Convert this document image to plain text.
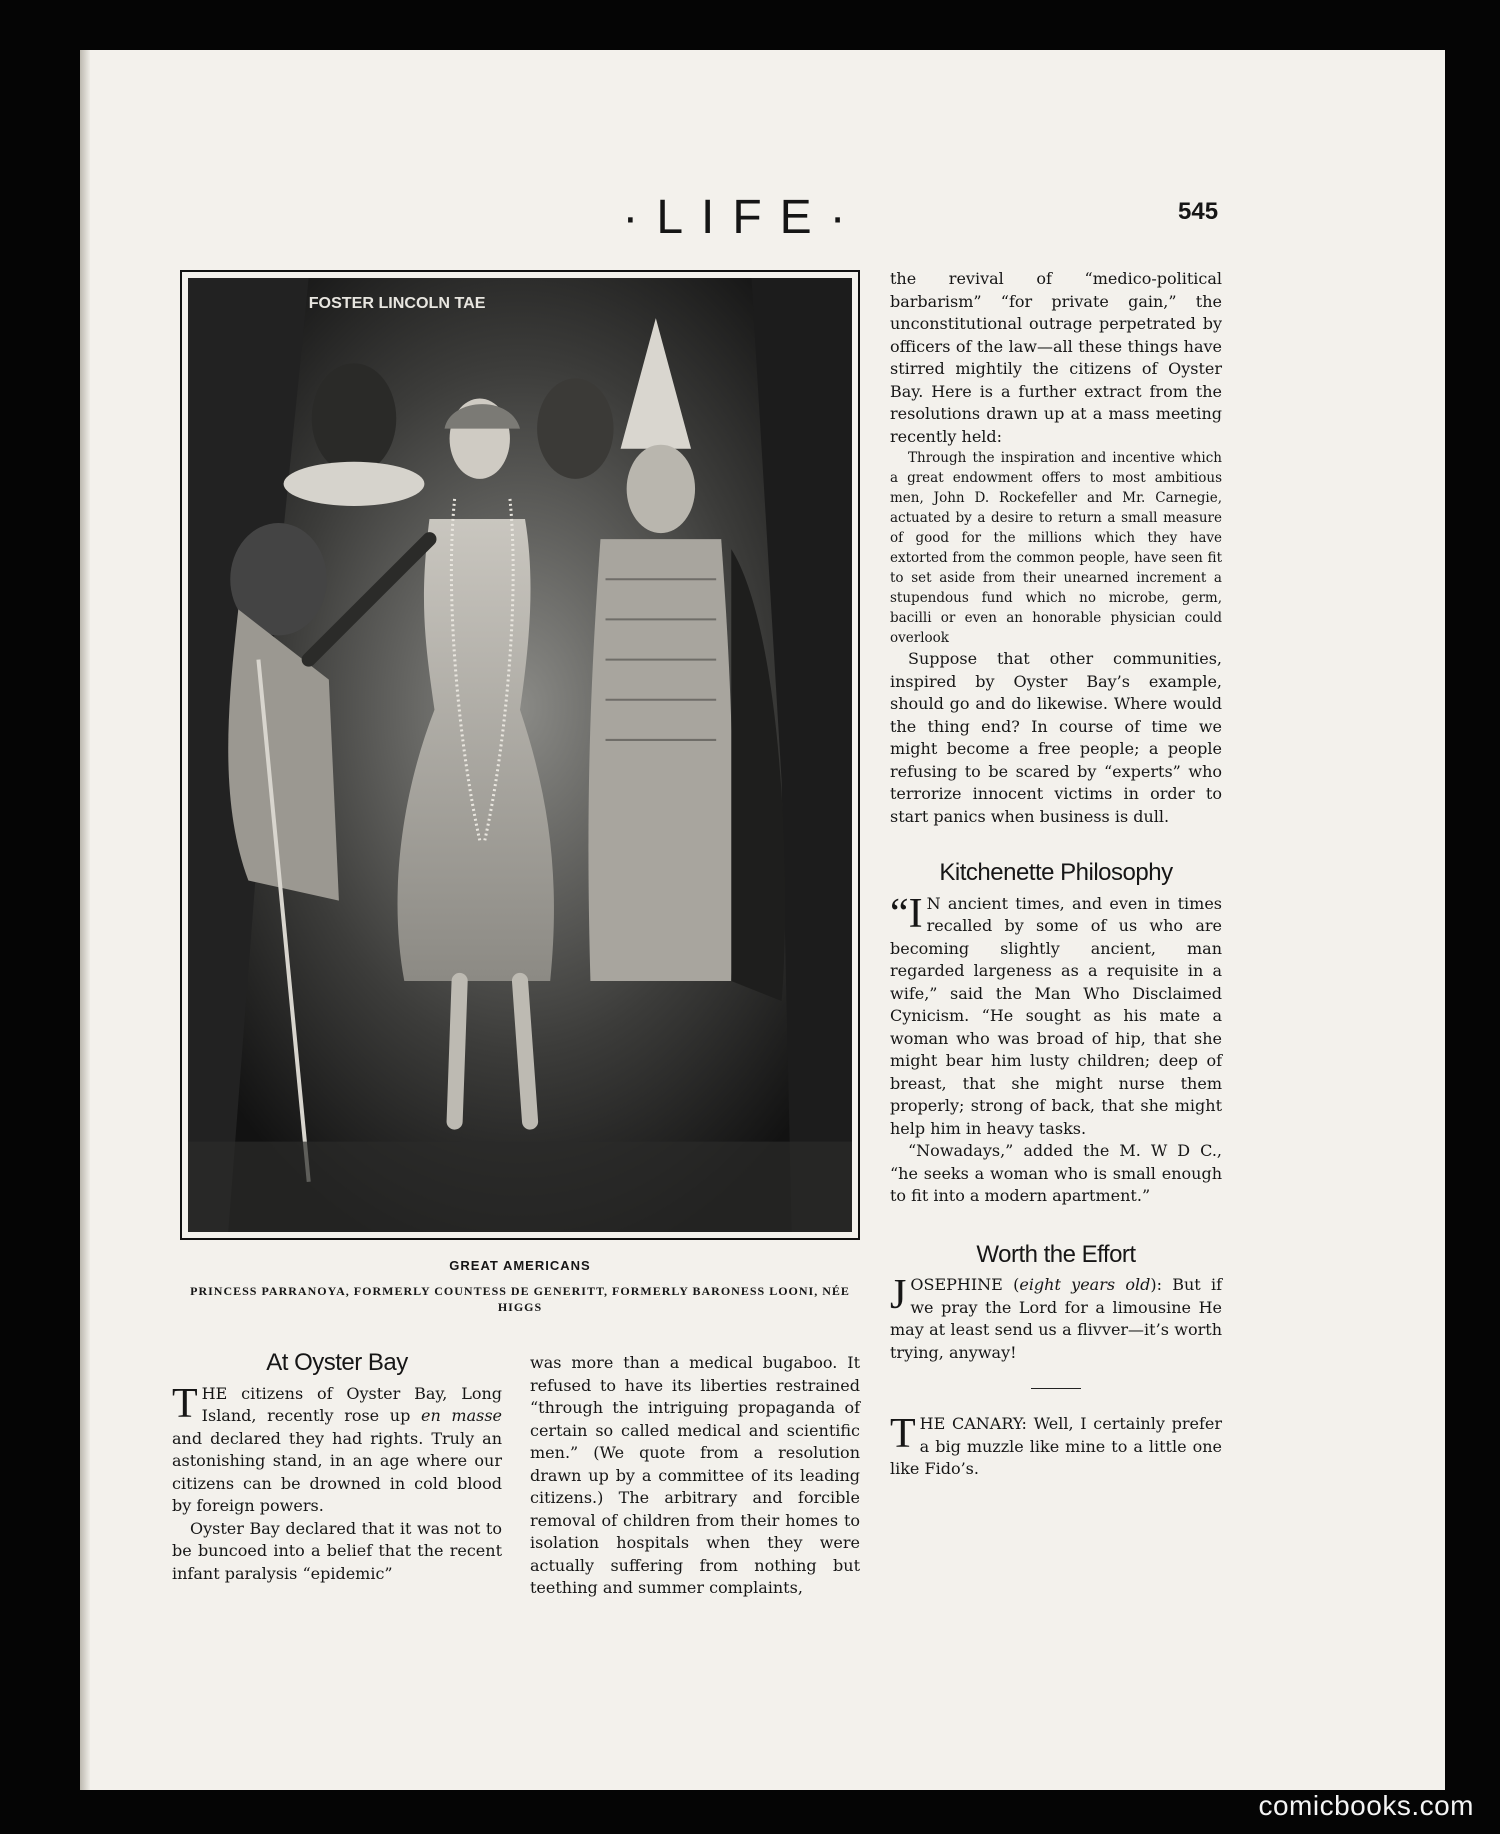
·LIFE·	545
FOSTER LINCOLN TAE
GREAT AMERICANS
PRINCESS PARRANOYA, FORMERLY COUNTESS DE GENERITT, FORMERLY BARONESS LOONI, NÉE HIGGS

the revival of “medico-political barbarism” “for private gain,” the unconstitutional outrage perpetrated by officers of the law—all these things have stirred mightily the citizens of Oyster Bay. Here is a further extract from the resolutions drawn up at a mass meeting recently held:

Through the inspiration and incentive which a great endowment offers to most ambitious men, John D. Rockefeller and Mr. Carnegie, actuated by a desire to return a small measure of good for the millions which they have extorted from the common people, have seen fit to set aside from their unearned increment a stupendous fund which no microbe, germ, bacilli or even an honorable physician could overlook

Suppose that other communities, inspired by Oyster Bay’s example, should go and do likewise. Where would the thing end? In course of time we might become a free people; a people refusing to be scared by “experts” who terrorize innocent victims in order to start panics when business is dull.

Kitchenette Philosophy

“I N ancient times, and even in times recalled by some of us who are becoming slightly ancient, man regarded largeness as a requisite in a wife,” said the Man Who Disclaimed Cynicism. “He sought as his mate a woman who was broad of hip, that she might bear him lusty children; deep of breast, that she might nurse them properly; strong of back, that she might help him in heavy tasks.

“Nowadays,” added the M. W D C., “he seeks a woman who is small enough to fit into a modern apartment.”

Worth the Effort

JOSEPHINE (eight years old): But if we pray the Lord for a limousine He may at least send us a flivver—it’s worth trying, anyway!

THE CANARY: Well, I certainly prefer a big muzzle like mine to a little one like Fido’s.

At Oyster Bay

THE citizens of Oyster Bay, Long Island, recently rose up en masse and declared they had rights. Truly an astonishing stand, in an age where our citizens can be drowned in cold blood by foreign powers.

Oyster Bay declared that it was not to be buncoed into a belief that the recent infant paralysis “epidemic”

was more than a medical bugaboo. It refused to have its liberties restrained “through the intriguing propaganda of certain so called medical and scientific men.” (We quote from a resolution drawn up by a committee of its leading citizens.) The arbitrary and forcible removal of children from their homes to isolation hospitals when they were actually suffering from nothing but teething and summer complaints,

comicbooks.com
